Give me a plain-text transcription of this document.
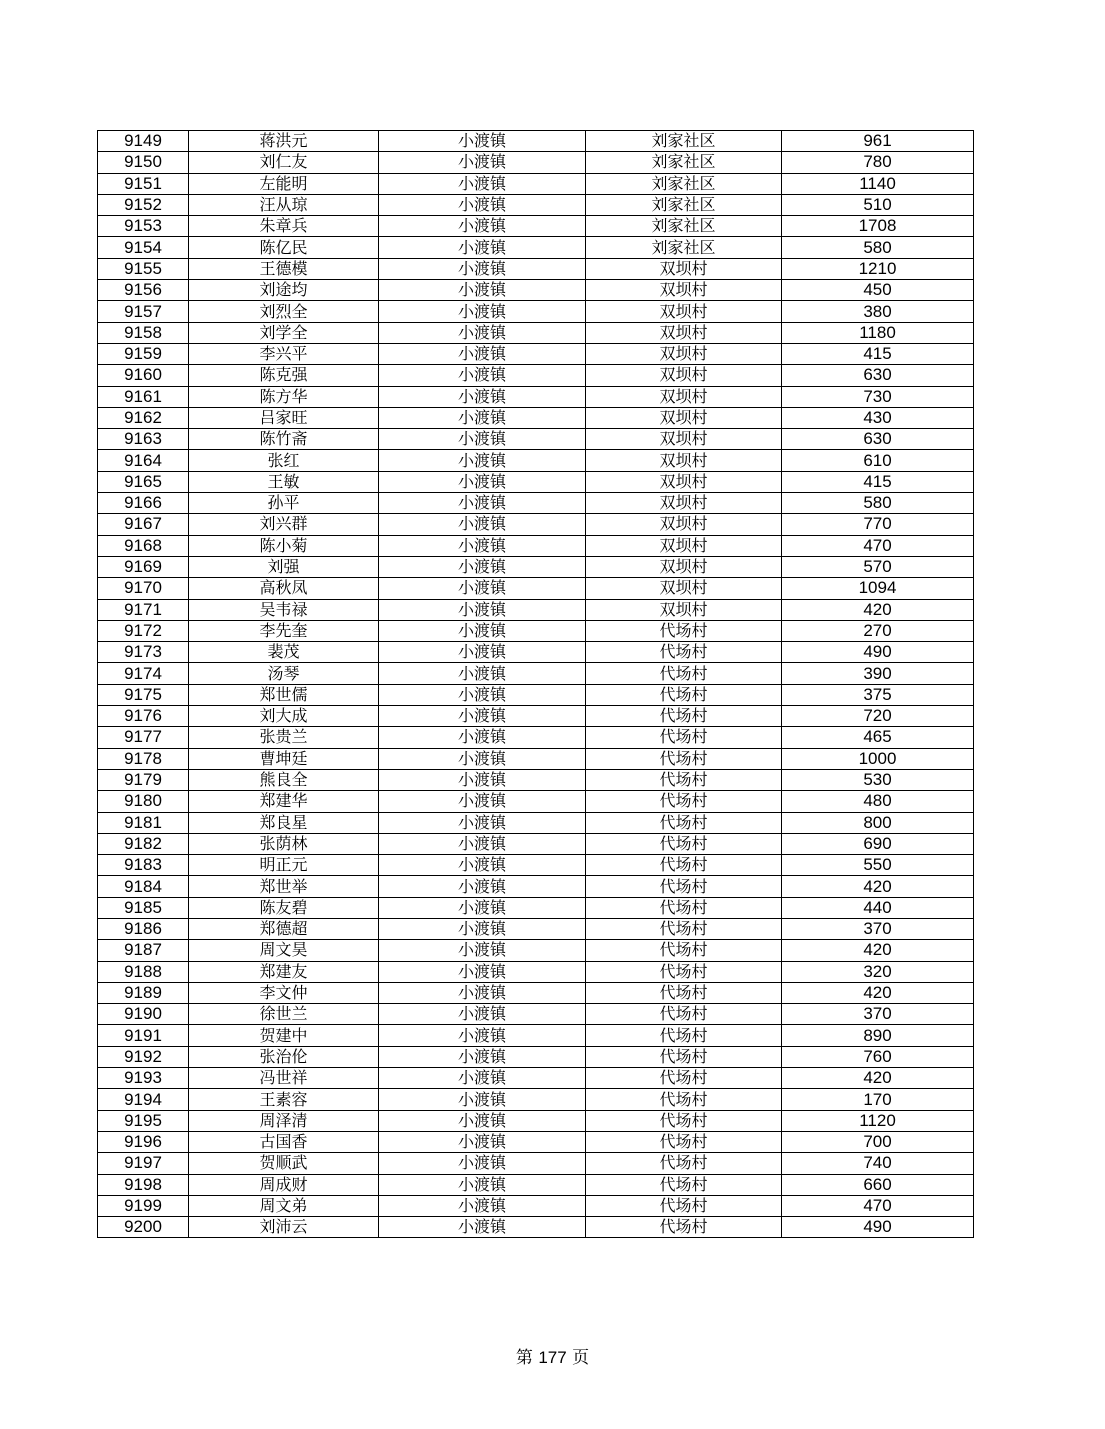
9149	蒋洪元	小渡镇	刘家社区	961
9150	刘仁友	小渡镇	刘家社区	780
9151	左能明	小渡镇	刘家社区	1140
9152	汪从琼	小渡镇	刘家社区	510
9153	朱章兵	小渡镇	刘家社区	1708
9154	陈亿民	小渡镇	刘家社区	580
9155	王德模	小渡镇	双坝村	1210
9156	刘途均	小渡镇	双坝村	450
9157	刘烈全	小渡镇	双坝村	380
9158	刘学全	小渡镇	双坝村	1180
9159	李兴平	小渡镇	双坝村	415
9160	陈克强	小渡镇	双坝村	630
9161	陈方华	小渡镇	双坝村	730
9162	吕家旺	小渡镇	双坝村	430
9163	陈竹斋	小渡镇	双坝村	630
9164	张红	小渡镇	双坝村	610
9165	王敏	小渡镇	双坝村	415
9166	孙平	小渡镇	双坝村	580
9167	刘兴群	小渡镇	双坝村	770
9168	陈小菊	小渡镇	双坝村	470
9169	刘强	小渡镇	双坝村	570
9170	高秋凤	小渡镇	双坝村	1094
9171	吴韦禄	小渡镇	双坝村	420
9172	李先奎	小渡镇	代场村	270
9173	裴茂	小渡镇	代场村	490
9174	汤琴	小渡镇	代场村	390
9175	郑世儒	小渡镇	代场村	375
9176	刘大成	小渡镇	代场村	720
9177	张贵兰	小渡镇	代场村	465
9178	曹坤廷	小渡镇	代场村	1000
9179	熊良全	小渡镇	代场村	530
9180	郑建华	小渡镇	代场村	480
9181	郑良星	小渡镇	代场村	800
9182	张荫林	小渡镇	代场村	690
9183	明正元	小渡镇	代场村	550
9184	郑世举	小渡镇	代场村	420
9185	陈友碧	小渡镇	代场村	440
9186	郑德超	小渡镇	代场村	370
9187	周文昊	小渡镇	代场村	420
9188	郑建友	小渡镇	代场村	320
9189	李文仲	小渡镇	代场村	420
9190	徐世兰	小渡镇	代场村	370
9191	贺建中	小渡镇	代场村	890
9192	张治伦	小渡镇	代场村	760
9193	冯世祥	小渡镇	代场村	420
9194	王素容	小渡镇	代场村	170
9195	周泽清	小渡镇	代场村	1120
9196	古国香	小渡镇	代场村	700
9197	贺顺武	小渡镇	代场村	740
9198	周成财	小渡镇	代场村	660
9199	周文弟	小渡镇	代场村	470
9200	刘沛云	小渡镇	代场村	490
第 177 页
